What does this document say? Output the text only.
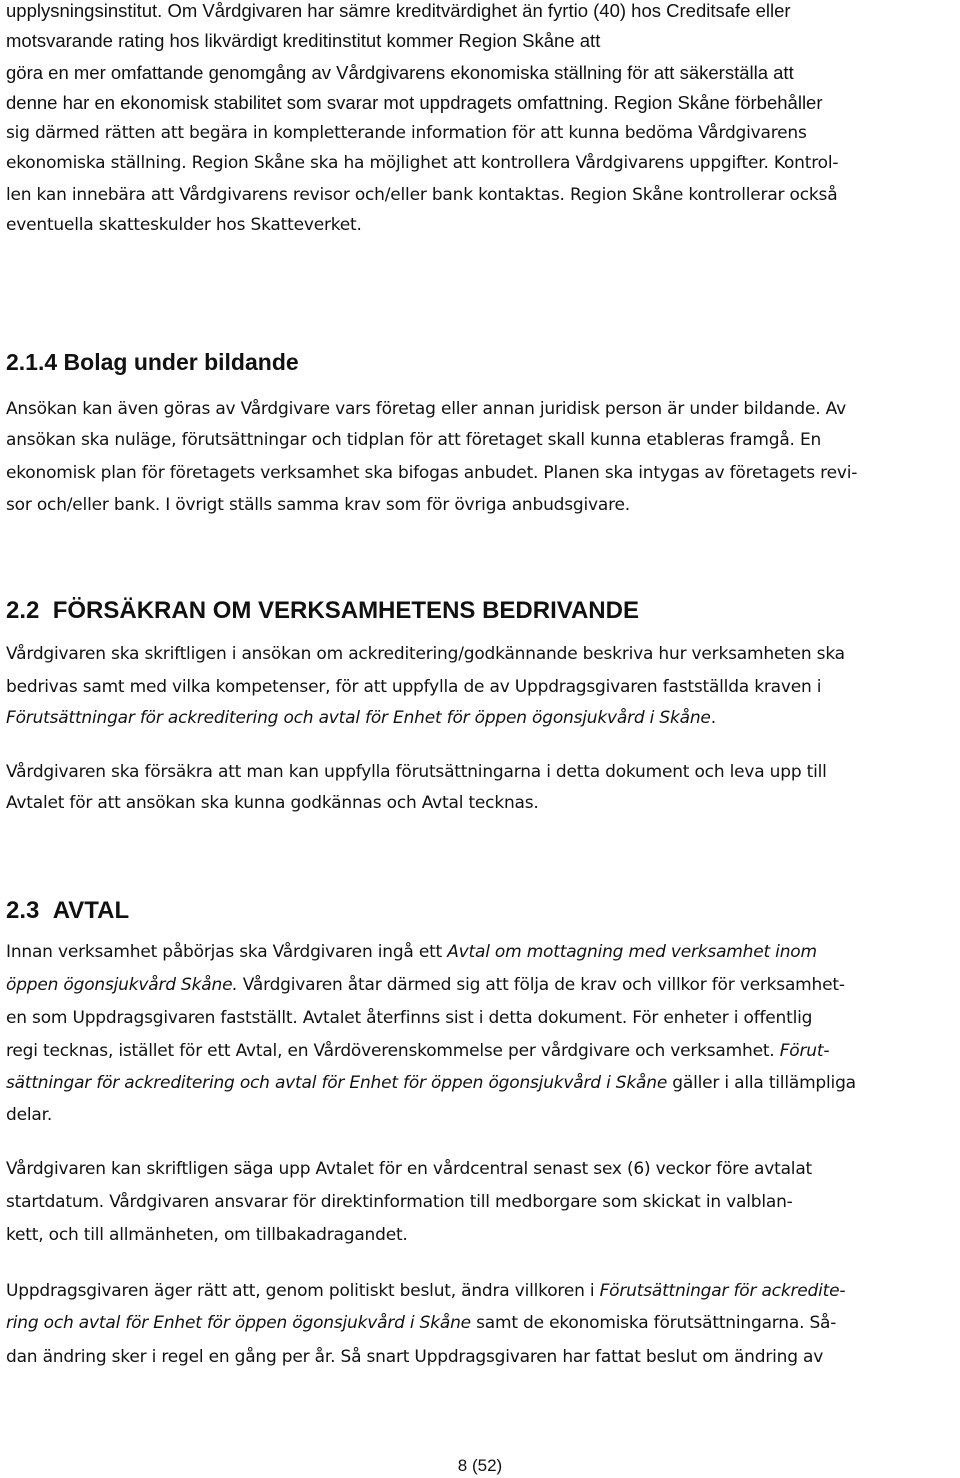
upplysningsinstitut. Om Vårdgivaren har sämre kreditvärdighet än fyrtio (40) hos Creditsafe eller
motsvarande rating hos likvärdigt kreditinstitut kommer Region Skåne att
göra en mer omfattande genomgång av Vårdgivarens ekonomiska ställning för att säkerställa att
denne har en ekonomisk stabilitet som svarar mot uppdragets omfattning. Region Skåne förbehåller
sig därmed rätten att begära in kompletterande information för att kunna bedöma Vårdgivarens
ekonomiska ställning. Region Skåne ska ha möjlighet att kontrollera Vårdgivarens uppgifter. Kontrol-
len kan innebära att Vårdgivarens revisor och/eller bank kontaktas. Region Skåne kontrollerar också
eventuella skatteskulder hos Skatteverket.
2.1.4 Bolag under bildande
Ansökan kan även göras av Vårdgivare vars företag eller annan juridisk person är under bildande. Av
ansökan ska nuläge, förutsättningar och tidplan för att företaget skall kunna etableras framgå. En
ekonomisk plan för företagets verksamhet ska bifogas anbudet. Planen ska intygas av företagets revi-
sor och/eller bank. I övrigt ställs samma krav som för övriga anbudsgivare.
2.2 FÖRSÄKRAN OM VERKSAMHETENS BEDRIVANDE
Vårdgivaren ska skriftligen i ansökan om ackreditering/godkännande beskriva hur verksamheten ska
bedrivas samt med vilka kompetenser, för att uppfylla de av Uppdragsgivaren fastställda kraven i
Förutsättningar för ackreditering och avtal för Enhet för öppen ögonsjukvård i Skåne.
Vårdgivaren ska försäkra att man kan uppfylla förutsättningarna i detta dokument och leva upp till
Avtalet för att ansökan ska kunna godkännas och Avtal tecknas.
2.3 AVTAL
Innan verksamhet påbörjas ska Vårdgivaren ingå ett Avtal om mottagning med verksamhet inom
öppen ögonsjukvård Skåne. Vårdgivaren åtar därmed sig att följa de krav och villkor för verksamhet-
en som Uppdragsgivaren fastställt. Avtalet återfinns sist i detta dokument. För enheter i offentlig
regi tecknas, istället för ett Avtal, en Vårdöverenskommelse per vårdgivare och verksamhet. Förut-
sättningar för ackreditering och avtal för Enhet för öppen ögonsjukvård i Skåne gäller i alla tillämpliga
delar.
Vårdgivaren kan skriftligen säga upp Avtalet för en vårdcentral senast sex (6) veckor före avtalat
startdatum. Vårdgivaren ansvarar för direktinformation till medborgare som skickat in valblan-
kett, och till allmänheten, om tillbakadragandet.
Uppdragsgivaren äger rätt att, genom politiskt beslut, ändra villkoren i Förutsättningar för ackredite-
ring och avtal för Enhet för öppen ögonsjukvård i Skåne samt de ekonomiska förutsättningarna. Så-
dan ändring sker i regel en gång per år. Så snart Uppdragsgivaren har fattat beslut om ändring av
8 (52)
